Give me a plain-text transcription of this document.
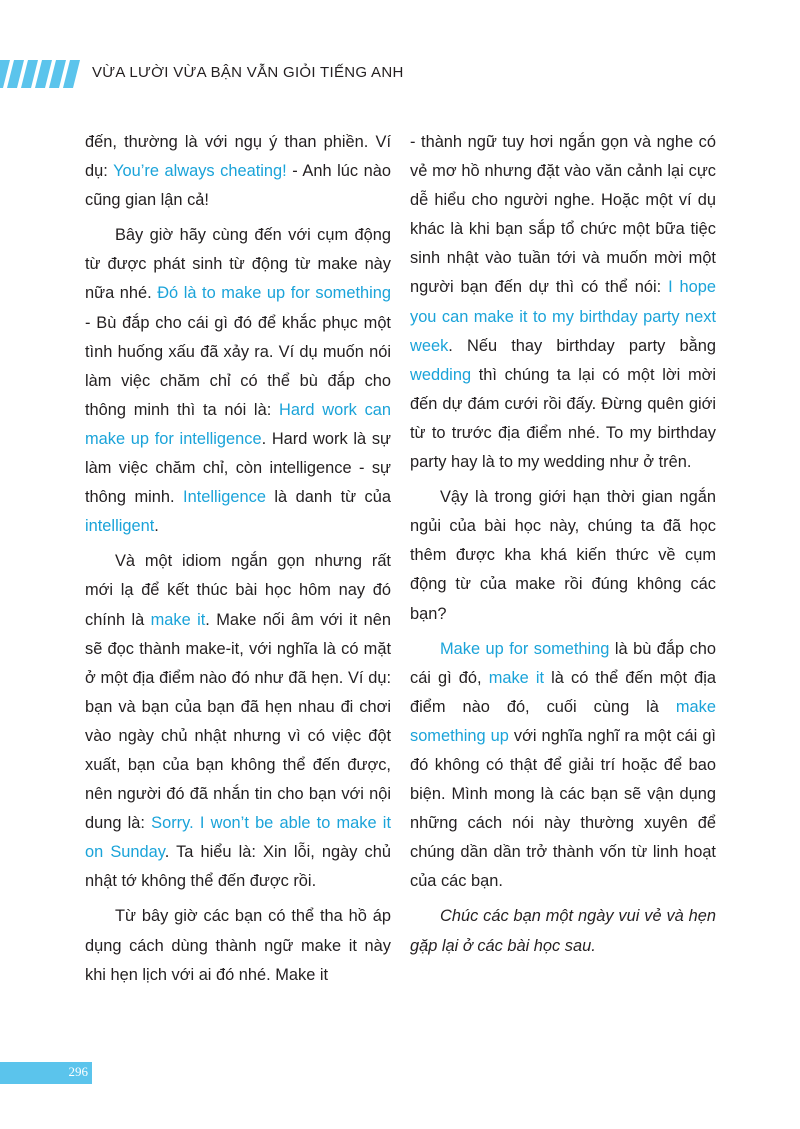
VỪA LƯỜI VỪA BẬN VẪN GIỎI TIẾNG ANH

đến, thường là với ngụ ý than phiền. Ví dụ: You’re always cheating! - Anh lúc nào cũng gian lận cả!

Bây giờ hãy cùng đến với cụm động từ được phát sinh từ động từ make này nữa nhé. Đó là to make up for something - Bù đắp cho cái gì đó để khắc phục một tình huống xấu đã xảy ra. Ví dụ muốn nói làm việc chăm chỉ có thể bù đắp cho thông minh thì ta nói là: Hard work can make up for intelligence. Hard work là sự làm việc chăm chỉ, còn intelligence - sự thông minh. Intelligence là danh từ của intelligent.

Và một idiom ngắn gọn nhưng rất mới lạ để kết thúc bài học hôm nay đó chính là make it. Make nối âm với it nên sẽ đọc thành make-it, với nghĩa là có mặt ở một địa điểm nào đó như đã hẹn. Ví dụ: bạn và bạn của bạn đã hẹn nhau đi chơi vào ngày chủ nhật nhưng vì có việc đột xuất, bạn của bạn không thể đến được, nên người đó đã nhắn tin cho bạn với nội dung là: Sorry. I won’t be able to make it on Sunday. Ta hiểu là: Xin lỗi, ngày chủ nhật tớ không thể đến được rồi.

Từ bây giờ các bạn có thể tha hồ áp dụng cách dùng thành ngữ make it này khi hẹn lịch với ai đó nhé. Make it

- thành ngữ tuy hơi ngắn gọn và nghe có vẻ mơ hồ nhưng đặt vào văn cảnh lại cực dễ hiểu cho người nghe. Hoặc một ví dụ khác là khi bạn sắp tổ chức một bữa tiệc sinh nhật vào tuần tới và muốn mời một người bạn đến dự thì có thể nói: I hope you can make it to my birthday party next week. Nếu thay birthday party bằng wedding thì chúng ta lại có một lời mời đến dự đám cưới rồi đấy. Đừng quên giới từ to trước địa điểm nhé. To my birthday party hay là to my wedding như ở trên.

Vậy là trong giới hạn thời gian ngắn ngủi của bài học này, chúng ta đã học thêm được kha khá kiến thức về cụm động từ của make rồi đúng không các bạn?

Make up for something là bù đắp cho cái gì đó, make it là có thể đến một địa điểm nào đó, cuối cùng là make something up với nghĩa nghĩ ra một cái gì đó không có thật để giải trí hoặc để bao biện. Mình mong là các bạn sẽ vận dụng những cách nói này thường xuyên để chúng dần dần trở thành vốn từ linh hoạt của các bạn.

Chúc các bạn một ngày vui vẻ và hẹn gặp lại ở các bài học sau.

296
